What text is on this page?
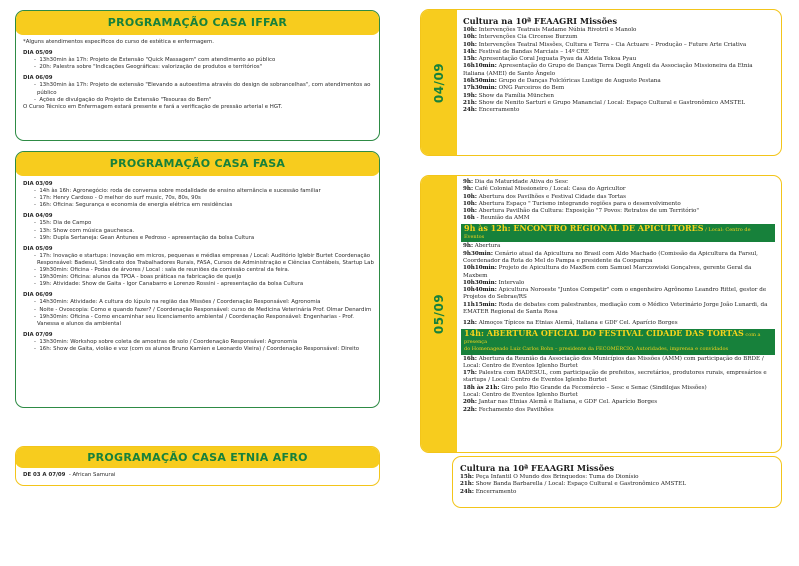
PROGRAMAÇÃO CASA IFFAR

*Alguns atendimentos específicos do curso de estética e enfermagem.

DIA 05/09

-  13h30min às 17h: Projeto de Extensão "Quick Massagem" com atendimento ao público

-  20h: Palestra sobre "Indicações Geográficas: valorização de produtos e territórios"

DIA 06/09

-  13h30min às 17h: Projeto de extensão "Elevando a autoestima através do design de sobrancelhas", com atendimentos ao público

-  Ações de divulgação do Projeto de Extensão "Tesouras do Bem"

O Curso Técnico em Enfermagem estará presente e fará a verificação de pressão arterial e HGT.

PROGRAMAÇÃO CASA FASA

DIA 03/09

-  14h às 16h: Agronegócio: roda de conversa sobre modalidade de ensino alternância e sucessão familiar

-  17h: Henry Cardoso - O melhor do surf music, 70s, 80s, 90s

-  16h: Oficina: Segurança e economia de energia elétrica em residências

DIA 04/09

-  15h: Dia de Campo

-  13h: Show com música gauchesca.

-  19h: Dupla Sertaneja: Gean Antunes e Pedroso - apresentação da bolsa Cultura

DIA 05/09

-  17h: Inovação e startups: inovação em micros, pequenas e médias empresas / Local: Auditório Iglebir Burtet Coordenação Responsável: Badesul, Sindicato dos Trabalhadores Rurais, FASA, Cursos de Administração e Ciências Contábeis, Startup Lab

-  19h30min: Oficina - Podas de árvores / Local : sala de reuniões da comissão central da feira.

-  19h30min: Oficina: alunos da TPOA - boas práticas na fabricação de queijo

-  19h: Atividade: Show de Gaita - Igor Canabarro e Lorenzo Rossini - apresentação da bolsa Cultura

DIA 06/09

-  14h30min: Atividade: A cultura do lúpulo na região das Missões / Coordenação Responsável: Agronomia

-  Noite - Ovoscopia: Como e quando fazer? / Coordenação Responsável: curso de Medicina Veterinária Prof. Olmar Denardim

-  19h30min: Oficina - Como encaminhar seu licenciamento ambiental / Coordenação Responsável: Engenharias - Prof. Vanessa e alunos da ambiental

DIA 07/09

-  13h30min: Workshop sobre coleta de amostras de solo / Coordenação Responsável: Agronomia

-  16h: Show de Gaita, violão e voz (com os alunos Bruno Kamien e Leonardo Vieira) / Coordenação Responsável: Direito

PROGRAMAÇÃO CASA ETNIA AFRO

DE 03 A 07/09 - African Samurai

04/09

Cultura na 10ª FEAAGRI Missões

10h: Intervenções Teatrais Madame Núbia Rivotril e Manolo

10h: Intervenções Cia Circense Burzum

10h: Intervenções Teatral Missões, Cultura e Terra – Cia Actuare – Produção – Future Arte Criativa

14h: Festival de Bandas Marciais – 14º CRE

15h: Apresentação Coral Jeguata Pyau da Aldeia Tekoa Pyau

16h10min: Apresentação do Grupo de Danças Terra Degli Angeli da Associação Missioneira da Etnia Italiana (AMEI) de Santo Ângelo

16h50min: Grupo de Danças Folclóricas Lustige de Augusto Pestana

17h30min: ONG Parceiros do Bem

19h: Show da Família München

21h: Show de Nenito Sarturi e Grupo Manancial / Local: Espaço Cultural e Gastronômico AMSTEL

24h: Encerramento

05/09

9h: Dia da Maturidade Ativa do Sesc

9h: Café Colonial Missioneiro / Local: Casa do Agricultor

10h: Abertura dos Pavilhões e Festival Cidade das Tortas

10h: Abertura Espaço " Turismo integrando regiões para o desenvolvimento

10h: Abertura Pavilhão da Cultura: Exposição "7 Povos: Retratos de um Território"

16h - Reunião da AMM

9h às 12h: ENCONTRO REGIONAL DE APICULTORES / Local: Centro de Eventos

9h: Abertura

9h30min: Cenário atual da Apicultura no Brasil com Aldo Machado (Comissão da Apicultura da Farsul, Coordenador da Rota do Mel do Pampa e presidente da Coopampa

10h10min: Projeto de Apicultura do MaxBem com Samuel Marczowiski Gonçalves, gerente Geral da Maxbem

10h30min: Intervalo

10h40min: Apicultura Noroeste "Juntos Competir" com o engenheiro Agrônomo Leandro Rittel, gestor de Projetos do Sebrae/RS

11h15min: Roda de debates com palestrantes, mediação com o Médico Veterinário Jorge João Lunardi, da EMATER Regional de Santa Rosa

12h: Almoços Típicos na Etnias Alemã, Italiana e GDF Cel. Aparício Borges

14h: ABERTURA OFICIAL DO FESTIVAL CIDADE DAS TORTAS com a presença
do Homenageado Luiz Carlos Bohn – presidente da FECOMÉRCIO, Autoridades, imprensa e convidados

16h: Abertura da Reunião da Associação dos Municípios das Missões (AMM) com participação do BRDE / Local: Centro de Eventos Iglenho Burtet

17h: Palestra com BADESUL, com participação de prefeitos, secretários, produtores rurais, empresários e startups / Local: Centro de Eventos Iglenho Burtet

18h às 21h: Giro pelo Rio Grande da Fecomércio – Sesc e Senac (Sindilojas Missões)

Local: Centro de Eventos Iglenho Burtet

20h: Jantar nas Etnias Alemã e Italiana, e GDF Cel. Aparício Borges

22h: Fechamento dos Pavilhões

Cultura na 10ª FEAAGRI Missões

15h: Peça Infantil O Mundo dos Brinquedos: Tuma do Dionísio

21h: Show Banda Barbarella / Local: Espaço Cultural e Gastronômico AMSTEL

24h: Encerramento
